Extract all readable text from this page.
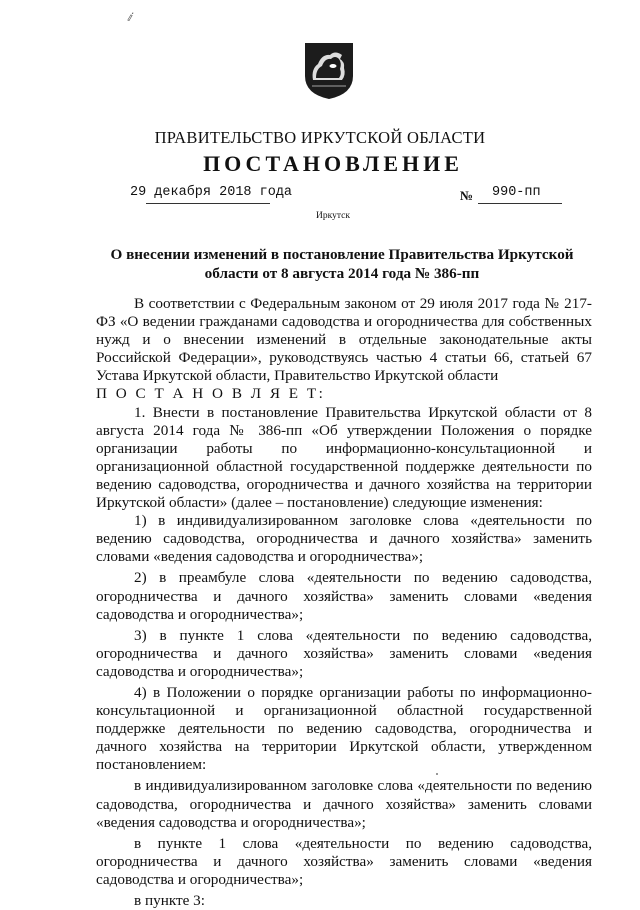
ⅈ
ПРАВИТЕЛЬСТВО ИРКУТСКОЙ ОБЛАСТИ
ПОСТАНОВЛЕНИЕ
29 декабря 2018 года	№ 990-пп
Иркутск
О внесении изменений в постановление Правительства Иркутской
области от 8 августа 2014 года № 386-пп

В соответствии с Федеральным законом от 29 июля 2017 года № 217-ФЗ «О ведении гражданами садоводства и огородничества для собственных нужд и о внесении изменений в отдельные законодательные акты Российской Федерации», руководствуясь частью 4 статьи 66, статьей 67 Устава Иркутской области, Правительство Иркутской области

П О С Т А Н О В Л Я Е Т:

1. Внести в постановление Правительства Иркутской области от 8 августа 2014 года № 386-пп «Об утверждении Положения о порядке организации работы по информационно-консультационной и организационной областной государственной поддержке деятельности по ведению садоводства, огородничества и дачного хозяйства на территории Иркутской области» (далее – постановление) следующие изменения:

1) в индивидуализированном заголовке слова «деятельности по ведению садоводства, огородничества и дачного хозяйства» заменить словами «ведения садоводства и огородничества»;

2) в преамбуле слова «деятельности по ведению садоводства, огородничества и дачного хозяйства» заменить словами «ведения садоводства и огородничества»;

3) в пункте 1 слова «деятельности по ведению садоводства, огородничества и дачного хозяйства» заменить словами «ведения садоводства и огородничества»;

4) в Положении о порядке организации работы по информационно-консультационной и организационной областной государственной поддержке деятельности по ведению садоводства, огородничества и дачного хозяйства на территории Иркутской области, утвержденном постановлением:

в индивидуализированном заголовке слова «деятельности по ведению садоводства, огородничества и дачного хозяйства» заменить словами «ведения садоводства и огородничества»;

в пункте 1 слова «деятельности по ведению садоводства, огородничества и дачного хозяйства» заменить словами «ведения садоводства и огородничества»;

в пункте 3:
